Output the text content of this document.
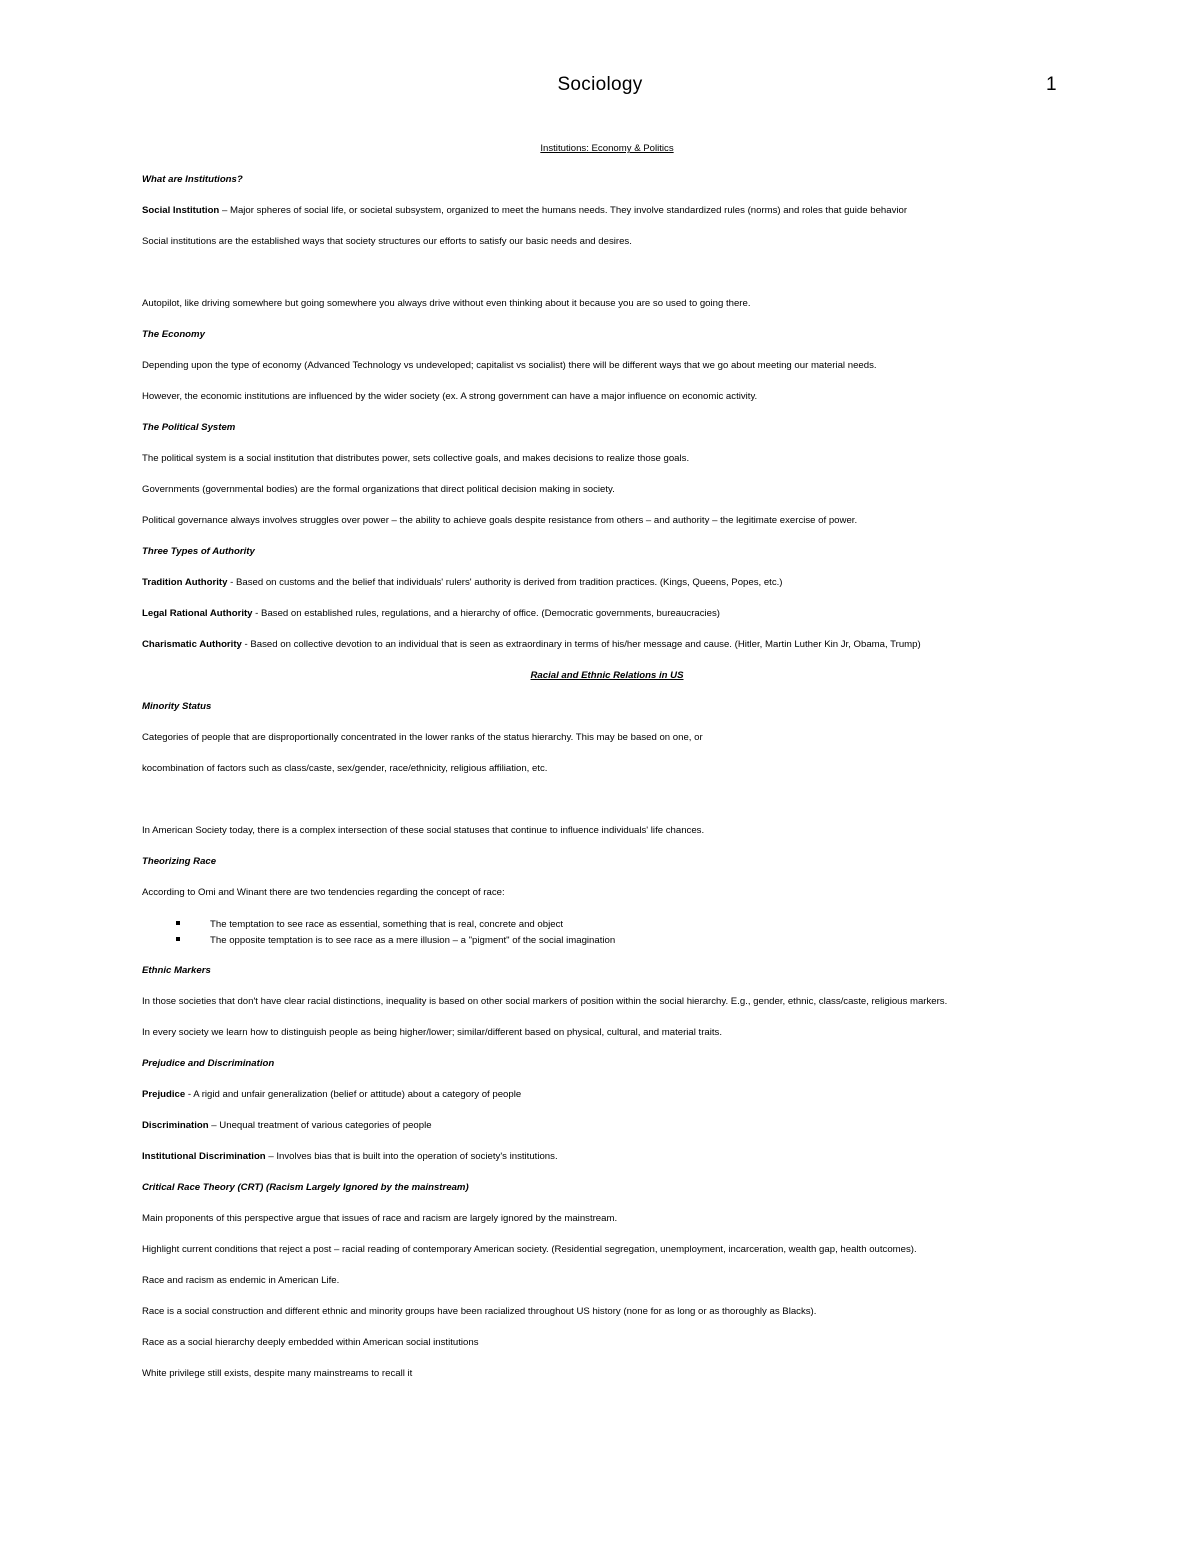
Sociology	1
Institutions: Economy & Politics
What are Institutions?
Social Institution – Major spheres of social life, or societal subsystem, organized to meet the humans needs. They involve standardized rules (norms) and roles that guide behavior
Social institutions are the established ways that society structures our efforts to satisfy our basic needs and desires.
Autopilot, like driving somewhere but going somewhere you always drive without even thinking about it because you are so used to going there.
The Economy
Depending upon the type of economy (Advanced Technology vs undeveloped; capitalist vs socialist) there will be different ways that we go about meeting our material needs.
However, the economic institutions are influenced by the wider society (ex. A strong government can have a major influence on economic activity.
The Political System
The political system is a social institution that distributes power, sets collective goals, and makes decisions to realize those goals.
Governments (governmental bodies) are the formal organizations that direct political decision making in society.
Political governance always involves struggles over power – the ability to achieve goals despite resistance from others – and authority – the legitimate exercise of power.
Three Types of Authority
Tradition Authority - Based on customs and the belief that individuals' rulers' authority is derived from tradition practices. (Kings, Queens, Popes, etc.)
Legal Rational Authority - Based on established rules, regulations, and a hierarchy of office. (Democratic governments, bureaucracies)
Charismatic Authority - Based on collective devotion to an individual that is seen as extraordinary in terms of his/her message and cause. (Hitler, Martin Luther Kin Jr, Obama, Trump)
Racial and Ethnic Relations in US
Minority Status
Categories of people that are disproportionally concentrated in the lower ranks of the status hierarchy. This may be based on one, or
kocombination of factors such as class/caste, sex/gender, race/ethnicity, religious affiliation, etc.
In American Society today, there is a complex intersection of these social statuses that continue to influence individuals' life chances.
Theorizing Race
According to Omi and Winant there are two tendencies regarding the concept of race:
The temptation to see race as essential, something that is real, concrete and object
The opposite temptation is to see race as a mere illusion – a "pigment" of the social imagination
Ethnic Markers
In those societies that don't have clear racial distinctions, inequality is based on other social markers of position within the social hierarchy. E.g., gender, ethnic, class/caste, religious markers.
In every society we learn how to distinguish people as being higher/lower; similar/different based on physical, cultural, and material traits.
Prejudice and Discrimination
Prejudice - A rigid and unfair generalization (belief or attitude) about a category of people
Discrimination – Unequal treatment of various categories of people
Institutional Discrimination – Involves bias that is built into the operation of society's institutions.
Critical Race Theory (CRT) (Racism Largely Ignored by the mainstream)
Main proponents of this perspective argue that issues of race and racism are largely ignored by the mainstream.
Highlight current conditions that reject a post – racial reading of contemporary American society. (Residential segregation, unemployment, incarceration, wealth gap, health outcomes).
Race and racism as endemic in American Life.
Race is a social construction and different ethnic and minority groups have been racialized throughout US history (none for as long or as thoroughly as Blacks).
Race as a social hierarchy deeply embedded within American social institutions
White privilege still exists, despite many mainstreams to recall it
